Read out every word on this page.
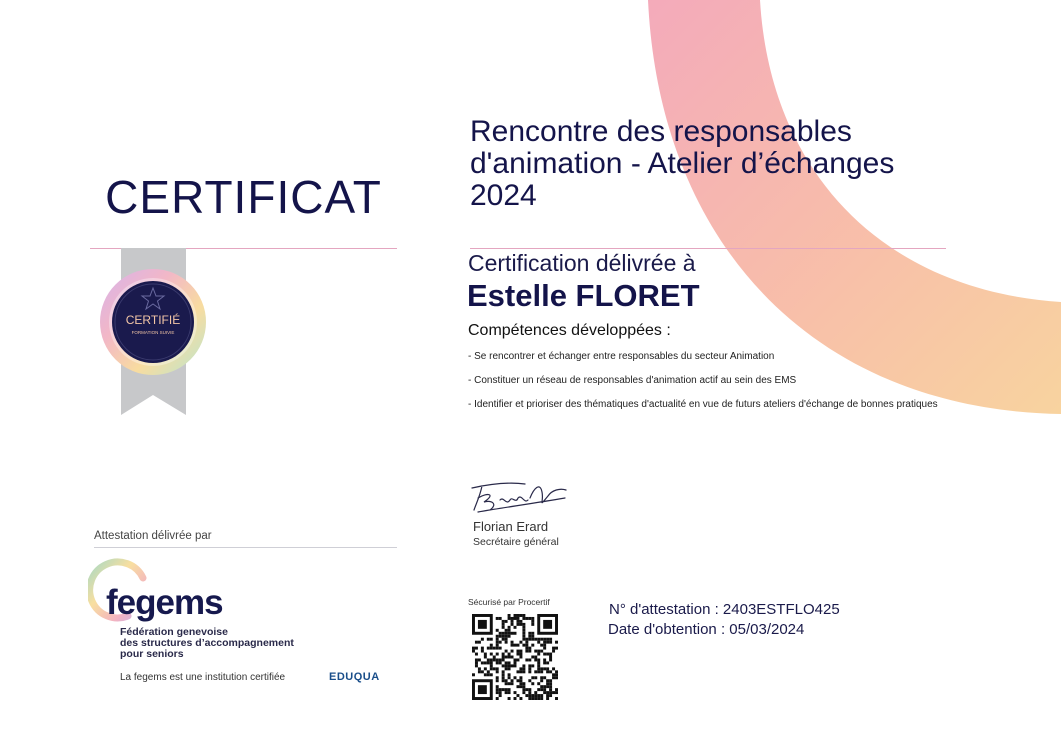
CERTIFICAT
CERTIFIÉ
FORMATION SUIVIE
Rencontre des responsables
d'animation - Atelier d’échanges
2024
Certification délivrée à
Estelle FLORET
Compétences développées :
- Se rencontrer et échanger entre responsables du secteur Animation
- Constituer un réseau de responsables d'animation actif au sein des EMS
- Identifier et prioriser des thématiques d'actualité en vue de futurs ateliers d'échange de bonnes pratiques
Florian Erard
Secrétaire général
Sécurisé par Procertif	N° d'attestation : 2403ESTFLO425
Date d'obtention : 05/03/2024
Attestation délivrée par
fegems
Fédération genevoise
des structures d’accompagnement
pour seniors
La fegems est une institution certifiée	EDUQUA
